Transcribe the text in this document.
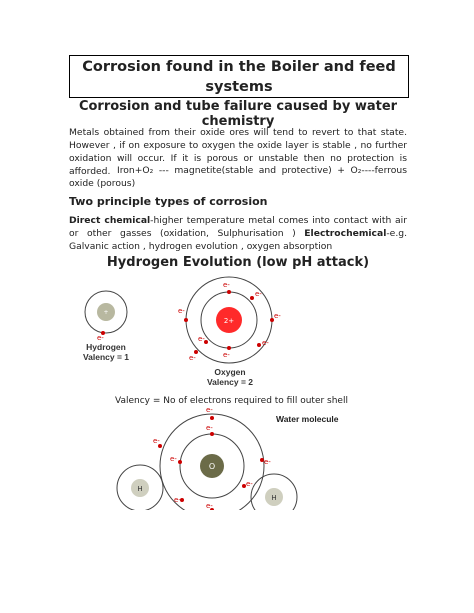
Corrosion found in the Boiler and feed systems
Corrosion and tube failure caused by water chemistry
Metals obtained from their oxide ores will tend to revert to that state. However , if on exposure to oxygen the oxide layer is stable , no further oxidation will occur. If it is porous or unstable then no protection is afforded. Iron+O₂ --- magnetite(stable and protective) + O₂----ferrous oxide (porous)
Two principle types of corrosion
Direct chemical-higher temperature metal comes into contact with air or other gasses (oxidation, Sulphurisation ) Electrochemical-e.g. Galvanic action , hydrogen evolution , oxygen absorption
Hydrogen Evolution (low pH attack)
+
e-
2+
e-
e-
e-
e-
e-
e-	e-
e-
O
H
H
e-
e-
e-
e-	e-
e-
e-
e-
Hydrogen
Valency = 1
Oxygen
Valency = 2
Valency = No of electrons required to fill outer shell
Water molecule
